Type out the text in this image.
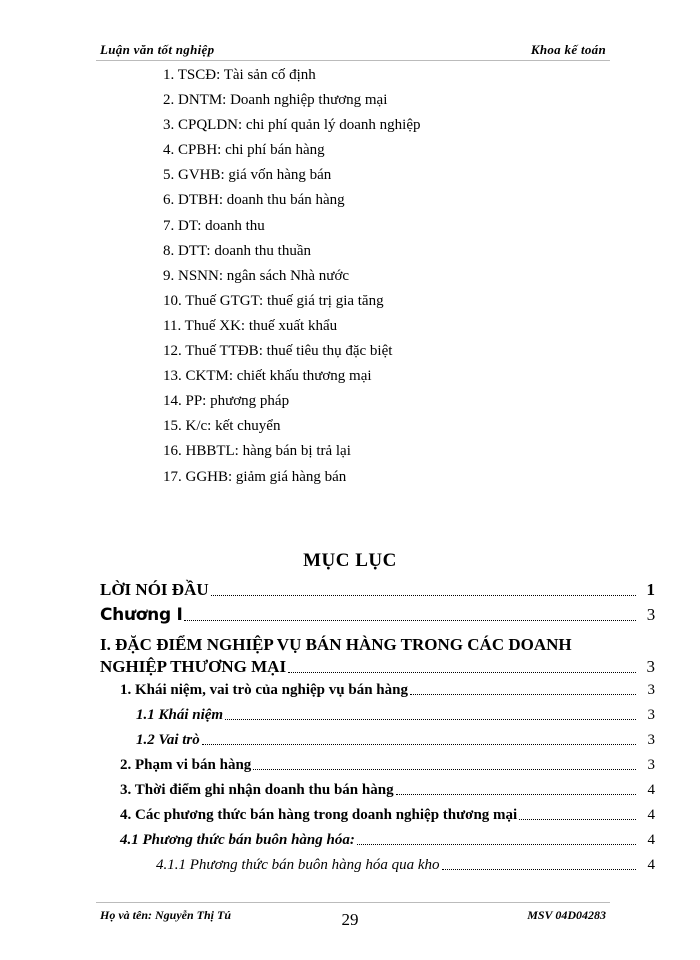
Luận văn tốt nghiệp	Khoa kế toán
1. TSCĐ: Tài sản cố định
2. DNTM: Doanh nghiệp thương mại
3. CPQLDN: chi phí quản lý doanh nghiệp
4. CPBH: chi phí bán hàng
5. GVHB: giá vốn hàng bán
6. DTBH: doanh thu bán hàng
7. DT: doanh thu
8. DTT: doanh thu thuần
9. NSNN: ngân sách Nhà nước
10. Thuế GTGT: thuế giá trị gia tăng
11. Thuế XK: thuế xuất khẩu
12. Thuế TTĐB: thuế tiêu thụ đặc biệt
13. CKTM: chiết khấu thương mại
14. PP: phương pháp
15. K/c: kết chuyển
16. HBBTL: hàng bán bị trả lại
17. GGHB: giảm giá hàng bán
MỤC LỤC
LỜI NÓI ĐẦU	1
Chương I	3
I. ĐẶC ĐIỂM NGHIỆP VỤ BÁN HÀNG TRONG CÁC DOANH
NGHIỆP THƯƠNG MẠI	3
1. Khái niệm, vai trò của nghiệp vụ bán hàng	3
1.1 Khái niệm	3
1.2 Vai trò	3
2. Phạm vi bán hàng	3
3. Thời điểm ghi nhận doanh thu bán hàng	4
4. Các phương thức bán hàng trong doanh nghiệp thương mại	4
4.1 Phương thức bán buôn hàng hóa:	4
4.1.1 Phương thức bán buôn hàng hóa qua kho	4
Họ và tên: Nguyễn Thị Tú	29	MSV 04D04283
